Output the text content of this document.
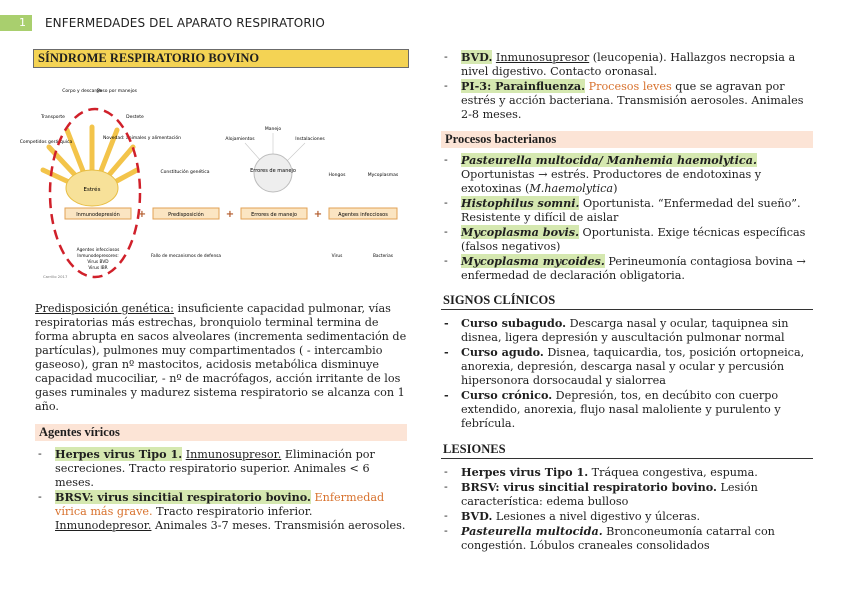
1	ENFERMEDADES DEL APARATO RESPIRATORIO
SÍNDROME RESPIRATORIO BOVINO
Estrés
Corpo y descarga
Peso por manejos
Transporte	Destete
Competidos gerárquica
Novedad: animales y alimentación
Constitución genética
Manejo
Alojamientos	Instalaciones
Errores de manejo
Hongos	Mycoplasmas
+	+	+
Inmunodepresión	Predisposición	Errores de manejo	Agentes infecciosos
Agentes infecciosos
Inmunodepresores:
Virus BVD
Virus IBR
Fallo de mecanismos de defensa	Virus	Bacterias
Carrillo 2017

Predisposición genética: insuficiente capacidad pulmonar, vías respiratorias más estrechas, bronquiolo terminal termina de forma abrupta en sacos alveolares (incrementa sedimentación de partículas), pulmones muy compartimentados ( - intercambio gaseoso), gran nº mastocitos, acidosis metabólica disminuye capacidad mucociliar, - nº de macrófagos, acción irritante de los gases ruminales y madurez sistema respiratorio se alcanza con 1 año.

Agentes víricos
- Herpes virus Tipo 1. Inmunosupresor. Eliminación por secreciones. Tracto respiratorio superior. Animales < 6 meses.
- BRSV: virus sincitial respiratorio bovino. Enfermedad vírica más grave. Tracto respiratorio inferior. Inmunodepresor. Animales 3-7 meses. Transmisión aerosoles.
- BVD. Inmunosupresor (leucopenia). Hallazgos necropsia a nivel digestivo. Contacto oronasal.
- PI-3: Parainfluenza. Procesos leves que se agravan por estrés y acción bacteriana. Transmisión aerosoles. Animales 2-8 meses.
Procesos bacterianos
- Pasteurella multocida/ Manhemia haemolytica. Oportunistas → estrés. Productores de endotoxinas y exotoxinas (M.haemolytica)
- Histophilus somni. Oportunista. “Enfermedad del sueño”. Resistente y difícil de aislar
- Mycoplasma bovis. Oportunista. Exige técnicas específicas (falsos negativos)
- Mycoplasma mycoides. Perineumonía contagiosa bovina → enfermedad de declaración obligatoria.
SIGNOS CLÍNICOS
- Curso subagudo. Descarga nasal y ocular, taquipnea sin disnea, ligera depresión y auscultación pulmonar normal
- Curso agudo. Disnea, taquicardia, tos, posición ortopneica, anorexia, depresión, descarga nasal y ocular y percusión hipersonora dorsocaudal y sialorrea
- Curso crónico. Depresión, tos, en decúbito con cuerpo extendido, anorexia, flujo nasal maloliente y purulento y febrícula.
LESIONES
- Herpes virus Tipo 1. Tráquea congestiva, espuma.
- BRSV: virus sincitial respiratorio bovino. Lesión característica: edema bulloso
- BVD. Lesiones a nivel digestivo y úlceras.
- Pasteurella multocida. Bronconeumonía catarral con congestión. Lóbulos craneales consolidados
